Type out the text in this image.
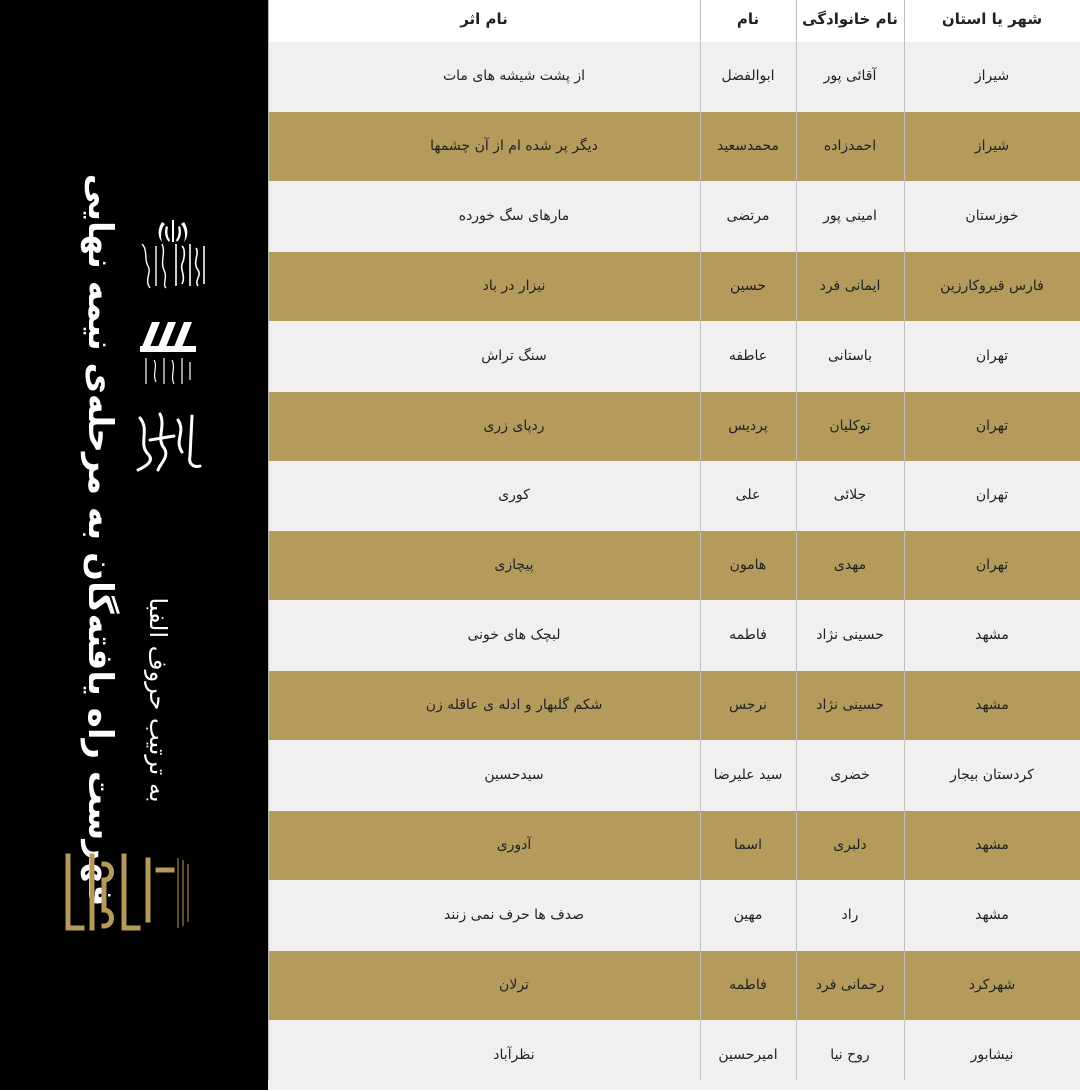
فهرست راه یافته‌گان به مرحله‌ی نیمه نهایی به ترتیب حروف الفبا
شهر یا استان
نام خانوادگی
نام
نام اثر
شیراز
آقائی پور
ابوالفضل
از پشت شیشه های مات
شیراز
احمدزاده
محمدسعید
دیگر پر شده ام از آن چشمها
خوزستان
امینی پور
مرتضی
مارهای سگ خورده
فارس قیروکارزین
ایمانی فرد
حسین
نیزار در باد
تهران
باستانی
عاطفه
سنگ تراش
تهران
توکلیان
پردیس
ردپای زری
تهران
جلائی
علی
کوری
تهران
مهدی
هامون
پیچازی
مشهد
حسینی نژاد
فاطمه
لبچک های خونی
مشهد
حسینی نژاد
نرجس
شکم گلبهار و ادله ی عاقله زن
کردستان بیجار
خضری
سید علیرضا
سیدحسین
مشهد
دلبری
اسما
آدوری
مشهد
راد
مهین
صدف ها حرف نمی زنند
شهرکرد
رحمانی فرد
فاطمه
ترلان
نیشابور
روح نیا
امیرحسین
نظرآباد
